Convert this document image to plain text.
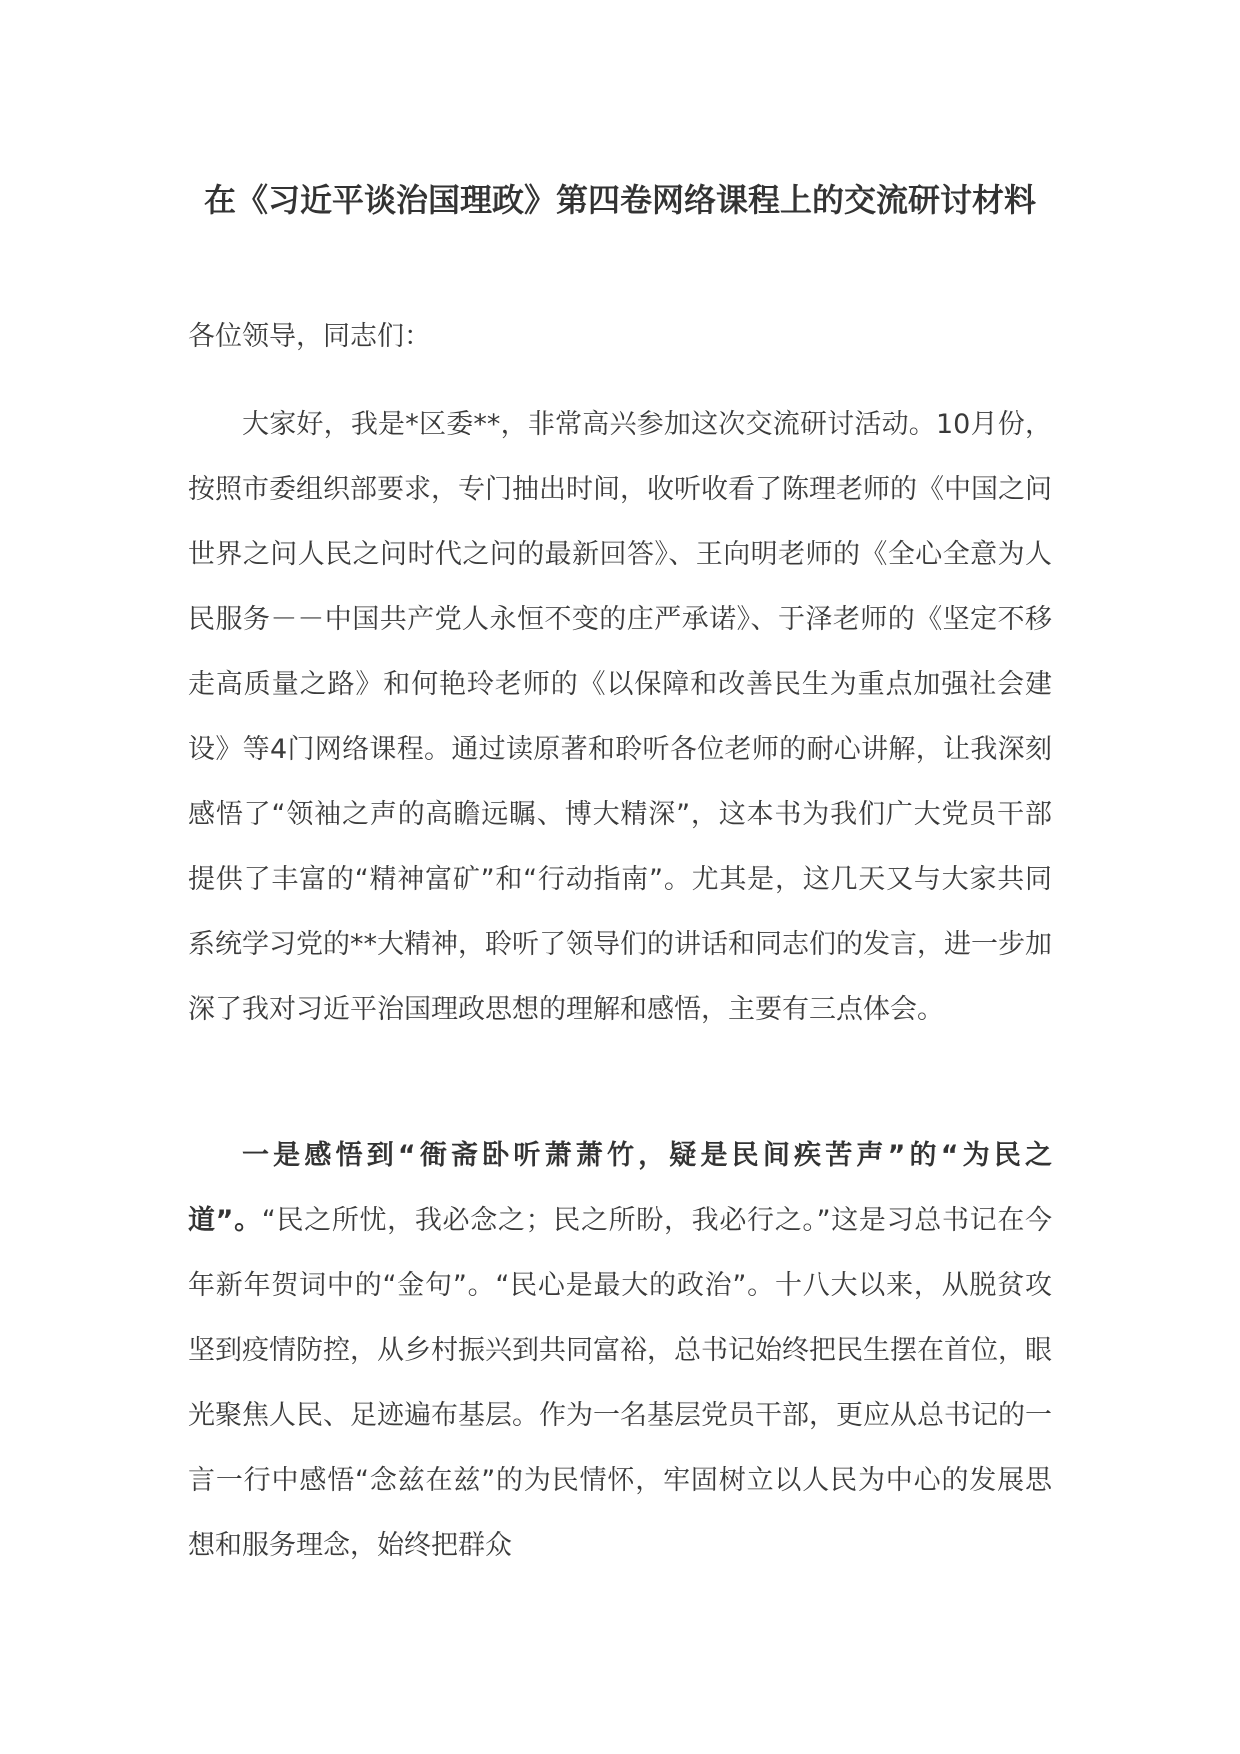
在《习近平谈治国理政》第四卷网络课程上的交流研讨材料

各位领导，同志们：

大家好，我是*区委**，非常高兴参加这次交流研讨活动。10月份，按照市委组织部要求，专门抽出时间，收听收看了陈理老师的《中国之问世界之问人民之问时代之问的最新回答》、王向明老师的《全心全意为人民服务－－中国共产党人永恒不变的庄严承诺》、于泽老师的《坚定不移走高质量之路》和何艳玲老师的《以保障和改善民生为重点加强社会建设》等4门网络课程。通过读原著和聆听各位老师的耐心讲解，让我深刻感悟了“领袖之声的高瞻远瞩、博大精深”，这本书为我们广大党员干部提供了丰富的“精神富矿”和“行动指南”。尤其是，这几天又与大家共同系统学习党的**大精神，聆听了领导们的讲话和同志们的发言，进一步加深了我对习近平治国理政思想的理解和感悟，主要有三点体会。

一是感悟到“衙斋卧听萧萧竹，疑是民间疾苦声”的“为民之道”。“民之所忧，我必念之；民之所盼，我必行之。”这是习总书记在今年新年贺词中的“金句”。“民心是最大的政治”。十八大以来，从脱贫攻坚到疫情防控，从乡村振兴到共同富裕，总书记始终把民生摆在首位，眼光聚焦人民、足迹遍布基层。作为一名基层党员干部，更应从总书记的一言一行中感悟“念兹在兹”的为民情怀，牢固树立以人民为中心的发展思想和服务理念，始终把群众
